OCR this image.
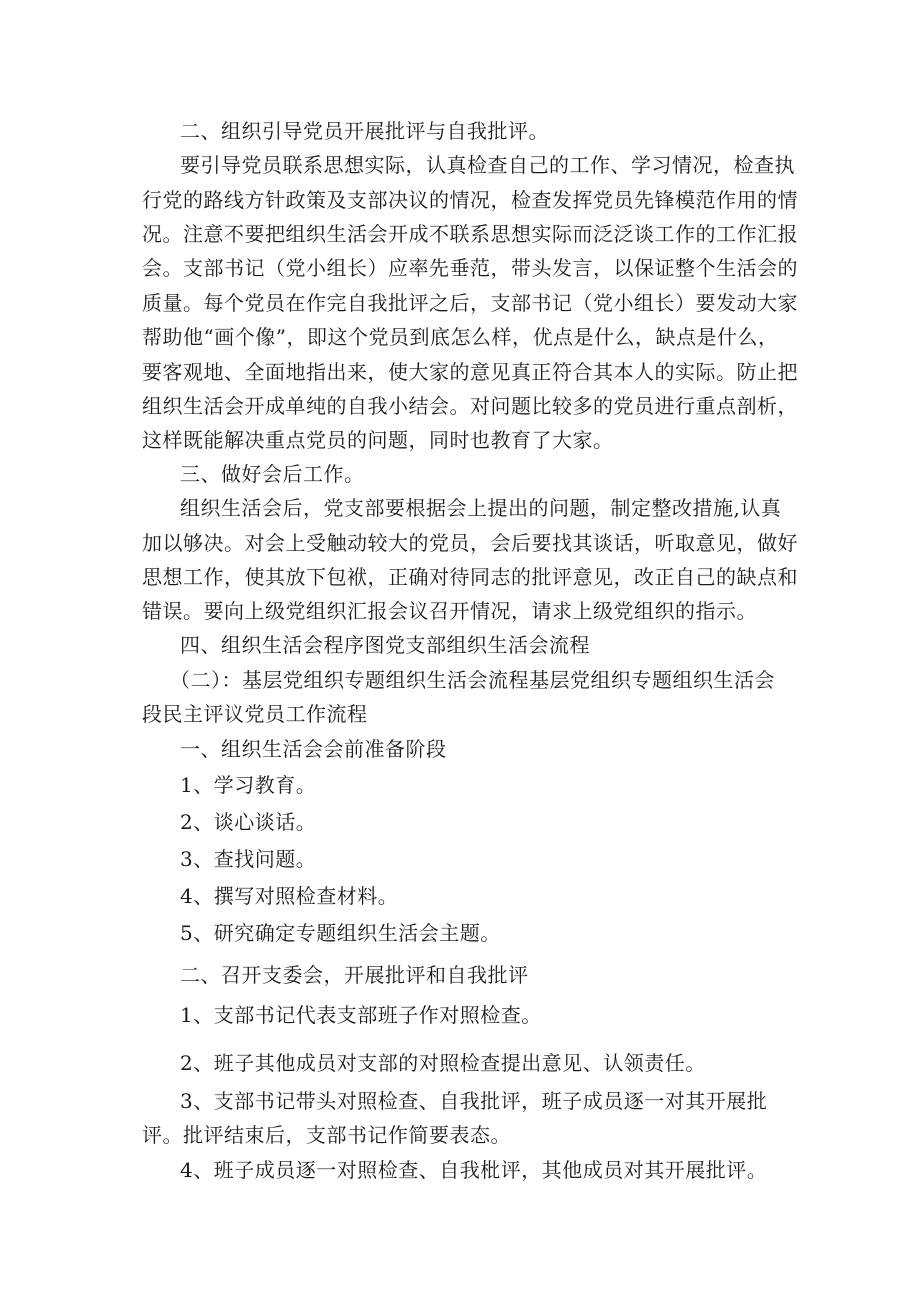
二、组织引导党员开展批评与自我批评。
要引导党员联系思想实际，认真检查自己的工作、学习情况，检查执
行党的路线方针政策及支部决议的情况，检查发挥党员先锋模范作用的情
况。注意不要把组织生活会开成不联系思想实际而泛泛谈工作的工作汇报
会。支部书记（党小组长）应率先垂范，带头发言，以保证整个生活会的
质量。每个党员在作完自我批评之后，支部书记（党小组长）要发动大家
帮助他“画个像”，即这个党员到底怎么样，优点是什么，缺点是什么，
要客观地、全面地指出来，使大家的意见真正符合其本人的实际。防止把
组织生活会开成单纯的自我小结会。对问题比较多的党员进行重点剖析，
这样既能解决重点党员的问题，同时也教育了大家。
三、做好会后工作。
组织生活会后，党支部要根据会上提出的问题，制定整改措施,认真
加以够决。对会上受触动较大的党员，会后要找其谈话，听取意见，做好
思想工作，使其放下包袱，正确对待同志的批评意见，改正自己的缺点和
错误。要向上级党组织汇报会议召开情况，请求上级党组织的指示。
四、组织生活会程序图党支部组织生活会流程
（二）：基层党组织专题组织生活会流程基层党组织专题组织生活会
段民主评议党员工作流程
一、组织生活会会前准备阶段
1、学习教育。
2、谈心谈话。
3、查找问题。
4、撰写对照检查材料。
5、研究确定专题组织生活会主题。
二、召开支委会，开展批评和自我批评
1、支部书记代表支部班子作对照检查。
2、班子其他成员对支部的对照检查提出意见、认领责任。
3、支部书记带头对照检查、自我批评，班子成员逐一对其开展批
评。批评结束后，支部书记作简要表态。
4、班子成员逐一对照检查、自我枇评，其他成员对其开展批评。
